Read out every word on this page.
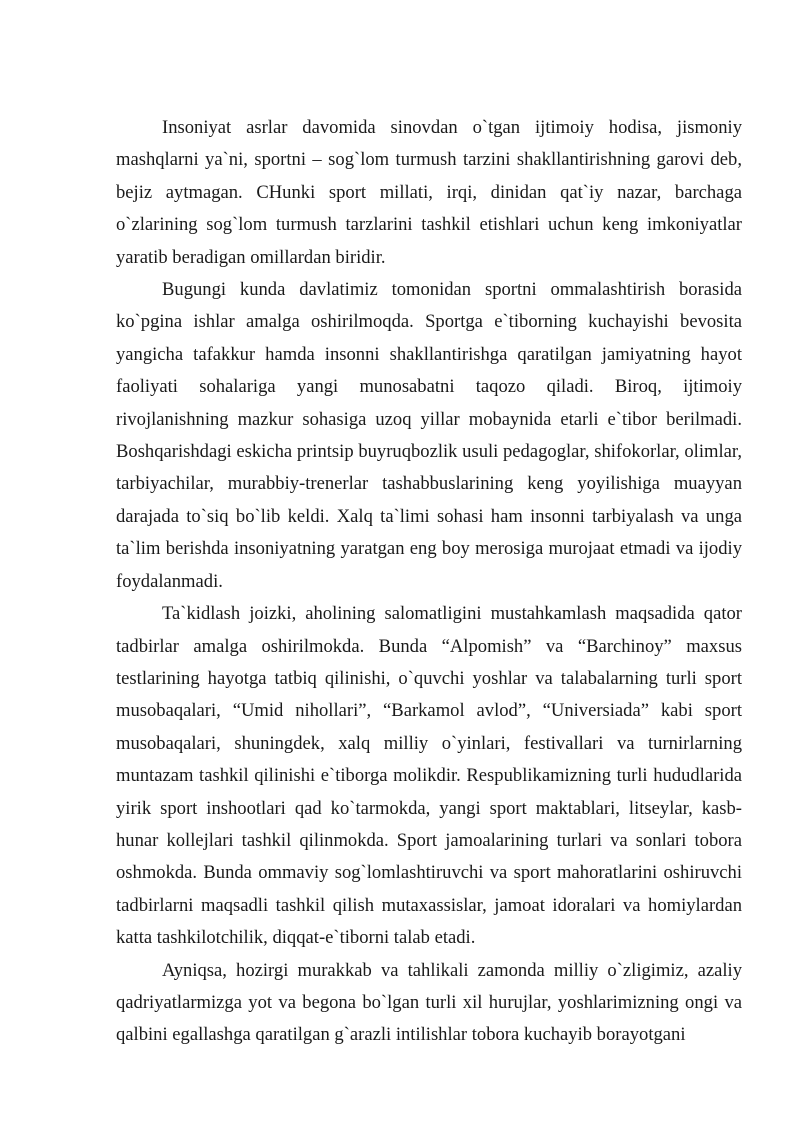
Insoniyat asrlar davomida sinovdan o`tgan ijtimoiy hodisa, jismoniy mashqlarni ya`ni, sportni – sog`lom turmush tarzini shakllantirishning garovi deb, bejiz aytmagan. CHunki sport millati, irqi, dinidan qat`iy nazar, barchaga o`zlarining sog`lom turmush tarzlarini tashkil etishlari uchun keng imkoniyatlar yaratib beradigan omillardan biridir.

Bugungi kunda davlatimiz tomonidan sportni ommalashtirish borasida ko`pgina ishlar amalga oshirilmoqda. Sportga e`tiborning kuchayishi bevosita yangicha tafakkur hamda insonni shakllantirishga qaratilgan jamiyatning hayot faoliyati sohalariga yangi munosabatni taqozo qiladi. Biroq, ijtimoiy rivojlanishning mazkur sohasiga uzoq yillar mobaynida etarli e`tibor berilmadi. Boshqarishdagi eskicha printsip buyruqbozlik usuli pedagoglar, shifokorlar, olimlar, tarbiyachilar, murabbiy-trenerlar tashabbuslarining keng yoyilishiga muayyan darajada to`siq bo`lib keldi. Xalq ta`limi sohasi ham insonni tarbiyalash va unga ta`lim berishda insoniyatning yaratgan eng boy merosiga murojaat etmadi va ijodiy foydalanmadi.

Ta`kidlash joizki, aholining salomatligini mustahkamlash maqsadida qator tadbirlar amalga oshirilmokda. Bunda “Alpomish” va “Barchinoy” maxsus testlarining hayotga tatbiq qilinishi, o`quvchi yoshlar va talabalarning turli sport musobaqalari, “Umid nihollari”, “Barkamol avlod”, “Universiada” kabi sport musobaqalari, shuningdek, xalq milliy o`yinlari, festivallari va turnirlarning muntazam tashkil qilinishi e`tiborga molikdir. Respublikamizning turli hududlarida yirik sport inshootlari qad ko`tarmokda, yangi sport maktablari, litseylar, kasb-hunar kollejlari tashkil qilinmokda. Sport jamoalarining turlari va sonlari tobora oshmokda. Bunda ommaviy sog`lomlashtiruvchi va sport mahoratlarini oshiruvchi tadbirlarni maqsadli tashkil qilish mutaxassislar, jamoat idoralari va homiylardan katta tashkilotchilik, diqqat-e`tiborni talab etadi.

Ayniqsa, hozirgi murakkab va tahlikali zamonda milliy o`zligimiz, azaliy qadriyatlarmizga yot va begona bo`lgan turli xil hurujlar, yoshlarimizning ongi va qalbini egallashga qaratilgan g`arazli intilishlar tobora kuchayib borayotgani
